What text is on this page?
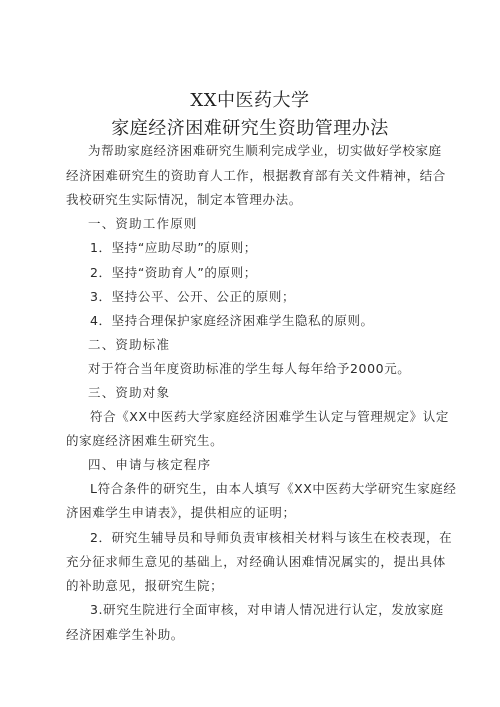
XX中医药大学
家庭经济困难研究生资助管理办法
为帮助家庭经济困难研究生顺利完成学业，切实做好学校家庭
经济困难研究生的资助育人工作，根据教育部有关文件精神，结合
我校研究生实际情况，制定本管理办法。
一、资助工作原则
1．坚持“应助尽助”的原则；
2．坚持“资助育人”的原则；
3．坚持公平、公开、公正的原则；
4．坚持合理保护家庭经济困难学生隐私的原则。
二、资助标准
对于符合当年度资助标准的学生每人每年给予2000元。
三、资助对象
符合《XX中医药大学家庭经济困难学生认定与管理规定》认定
的家庭经济困难生研究生。
四、申请与核定程序
L符合条件的研究生，由本人填写《XX中医药大学研究生家庭经
济困难学生申请表》，提供相应的证明；
2．研究生辅导员和导师负责审核相关材料与该生在校表现，在
充分征求师生意见的基础上，对经确认困难情况属实的，提出具体
的补助意见，报研究生院；
3.研究生院进行全面审核，对申请人情况进行认定，发放家庭
经济困难学生补助。
